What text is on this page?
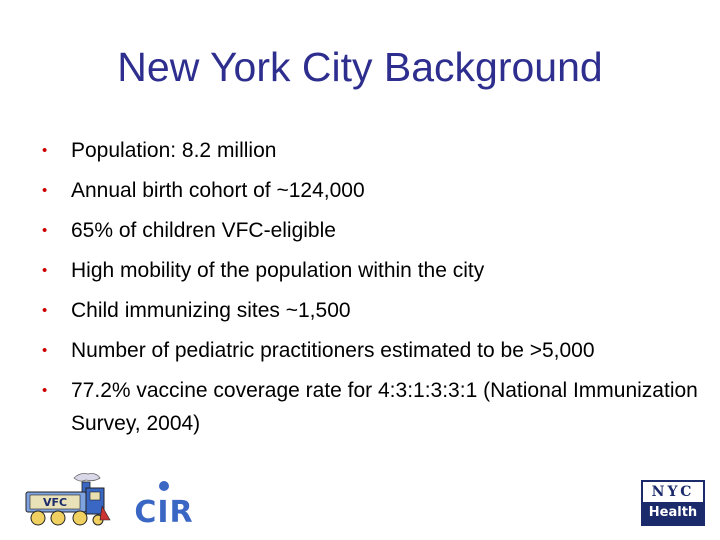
New York City Background
• Population: 8.2 million
• Annual birth cohort of ~124,000
• 65% of children VFC-eligible
• High mobility of the population within the city
• Child immunizing sites ~1,500
• Number of pediatric practitioners estimated to be >5,000
• 77.2% vaccine coverage rate for 4:3:1:3:3:1 (National Immunization Survey, 2004)
VFC CIR
NYC
Health
